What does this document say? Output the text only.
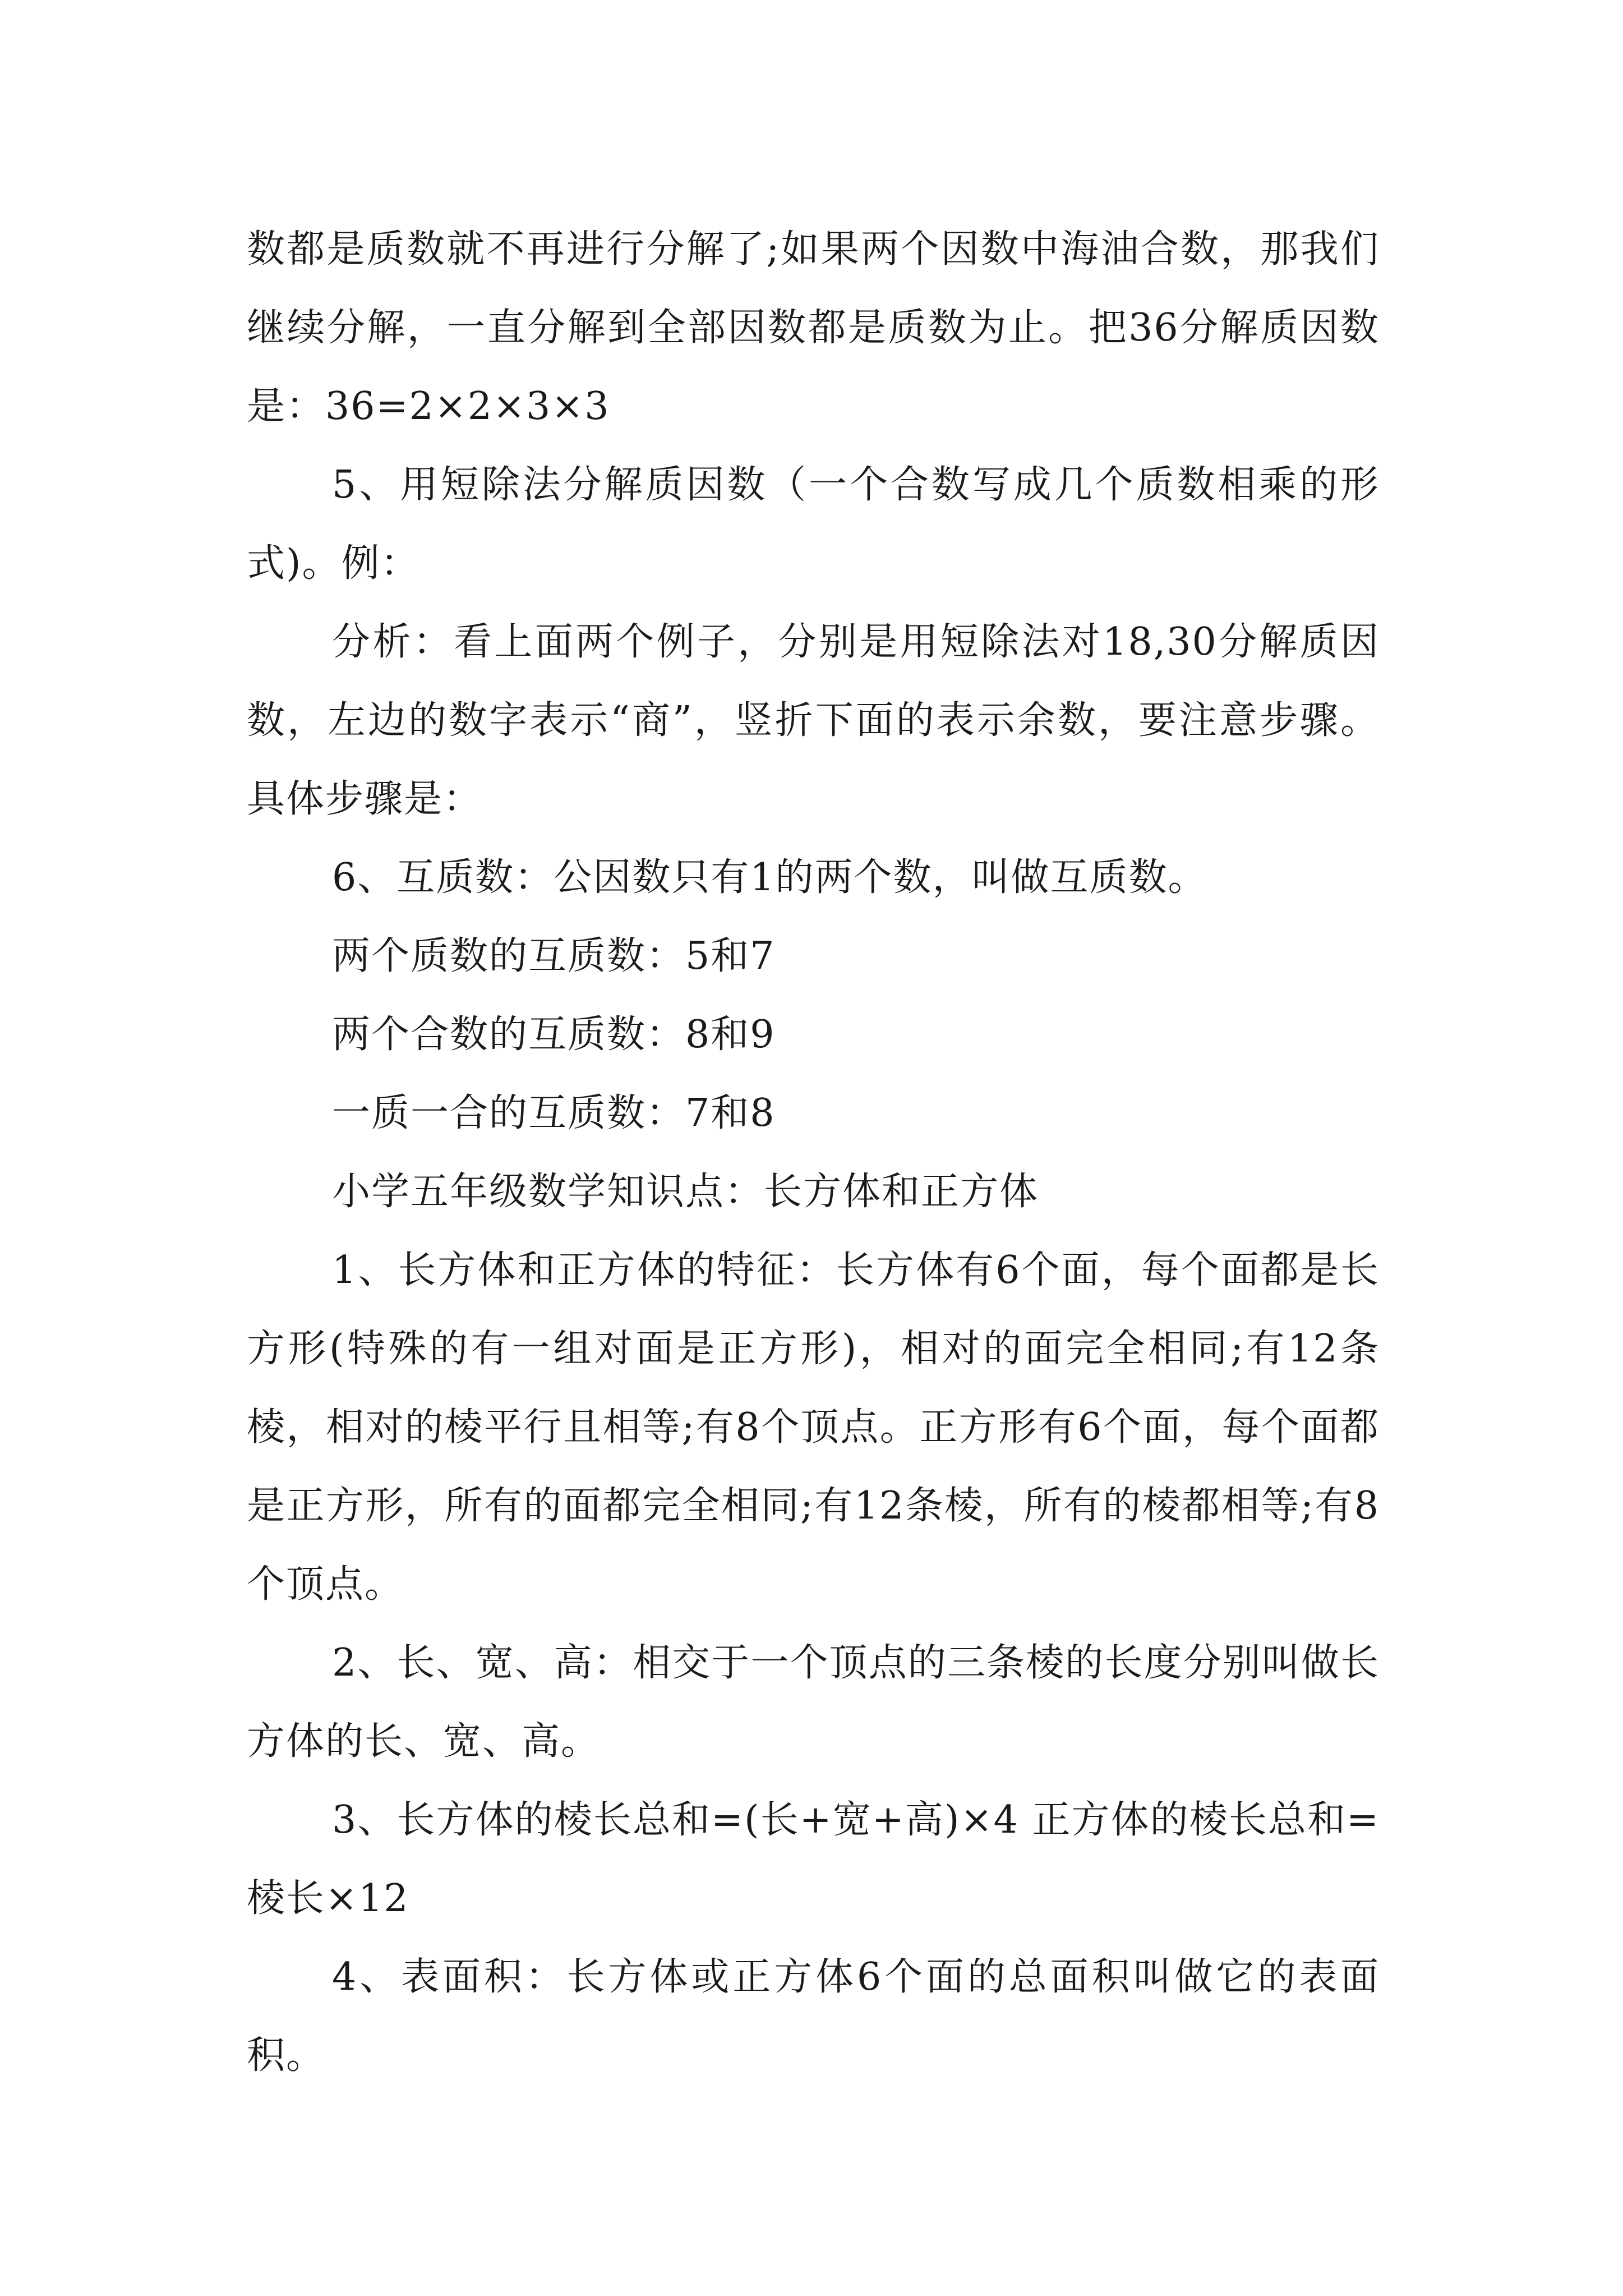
数都是质数就不再进行分解了;如果两个因数中海油合数，那我们继续分解，一直分解到全部因数都是质数为止。把36分解质因数是：36=2×2×3×3

5、用短除法分解质因数（一个合数写成几个质数相乘的形式)。例：

分析：看上面两个例子，分别是用短除法对18,30分解质因数，左边的数字表示“商”，竖折下面的表示余数，要注意步骤。具体步骤是：

6、互质数：公因数只有1的两个数，叫做互质数。

两个质数的互质数：5和7

两个合数的互质数：8和9

一质一合的互质数：7和8

小学五年级数学知识点：长方体和正方体

1、长方体和正方体的特征：长方体有6个面，每个面都是长方形(特殊的有一组对面是正方形)，相对的面完全相同;有12条棱，相对的棱平行且相等;有8个顶点。正方形有6个面，每个面都是正方形，所有的面都完全相同;有12条棱，所有的棱都相等;有8个顶点。

2、长、宽、高：相交于一个顶点的三条棱的长度分别叫做长方体的长、宽、高。

3、长方体的棱长总和=(长+宽+高)×4 正方体的棱长总和=棱长×12

4、表面积：长方体或正方体6个面的总面积叫做它的表面积。
